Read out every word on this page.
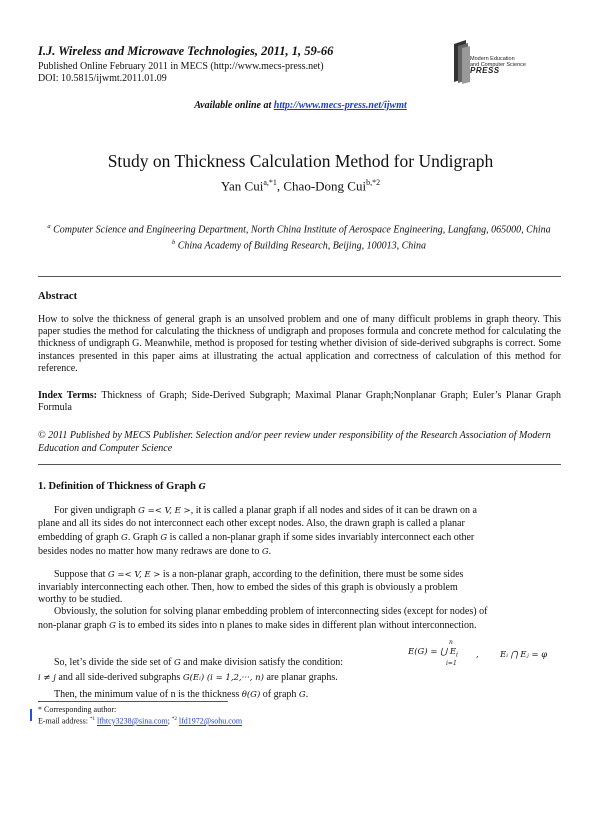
I.J. Wireless and Microwave Technologies, 2011, 1, 59-66
Published Online February 2011 in MECS (http://www.mecs-press.net)
DOI: 10.5815/ijwmt.2011.01.09
Modern Education
and Computer Science
PRESS
Available online at http://www.mecs-press.net/ijwmt
Study on Thickness Calculation Method for Undigraph
Yan Cui$^{a,*1}$, Chao-Dong Cui$^{b,*2}$
$^a$ Computer Science and Engineering Department, North China Institute of Aerospace Engineering, Langfang, 065000, China
$^b$ China Academy of Building Research, Beijing, 100013, China
Abstract
How to solve the thickness of general graph is an unsolved problem and one of many difficult problems in graph theory. This paper studies the method for calculating the thickness of undigraph and proposes formula and concrete method for calculating the thickness of undigraph G. Meanwhile, method is proposed for testing whether division of side-derived subgraphs is correct. Some instances presented in this paper aims at illustrating the actual application and correctness of calculation of this method for reference.
Index Terms: Thickness of Graph; Side-Derived Subgraph; Maximal Planar Graph;Nonplanar Graph; Euler’s Planar Graph Formula
© 2011 Published by MECS Publisher. Selection and/or peer review under responsibility of the Research Association of Modern Education and Computer Science
1. Definition of Thickness of Graph G
For given undigraph G =< V, E >, it is called a planar graph if all nodes and sides of it can be drawn on a
plane and all its sides do not interconnect each other except nodes. Also, the drawn graph is called a planar
embedding of graph G. Graph G is called a non-planar graph if some sides invariably interconnect each other
besides nodes no matter how many redraws are done to G.
Suppose that G =< V, E > is a non-planar graph, according to the definition, there must be some sides
invariably interconnecting each other. Then, how to embed the sides of this graph is obviously a problem
worthy to be studied.
Obviously, the solution for solving planar embedding problem of interconnecting sides (except for nodes) of
non-planar graph G is to embed its sides into n planes to make sides in different plan without interconnection.
E(G) = ⋃ $E_i$
n
i=1
,	Eᵢ ⋂ Eⱼ = φ
So, let’s divide the side set of G and make division satisfy the condition:
i ≠ j and all side-derived subgraphs G(Eᵢ) (i = 1,2,···, n) are planar graphs.
Then, the minimum value of n is the thickness θ(G) of graph G.
* Corresponding author:
E-mail address: $^{*1}$ lfhtcy3238@sina.com; $^{*2}$ lfd1972@sohu.com
